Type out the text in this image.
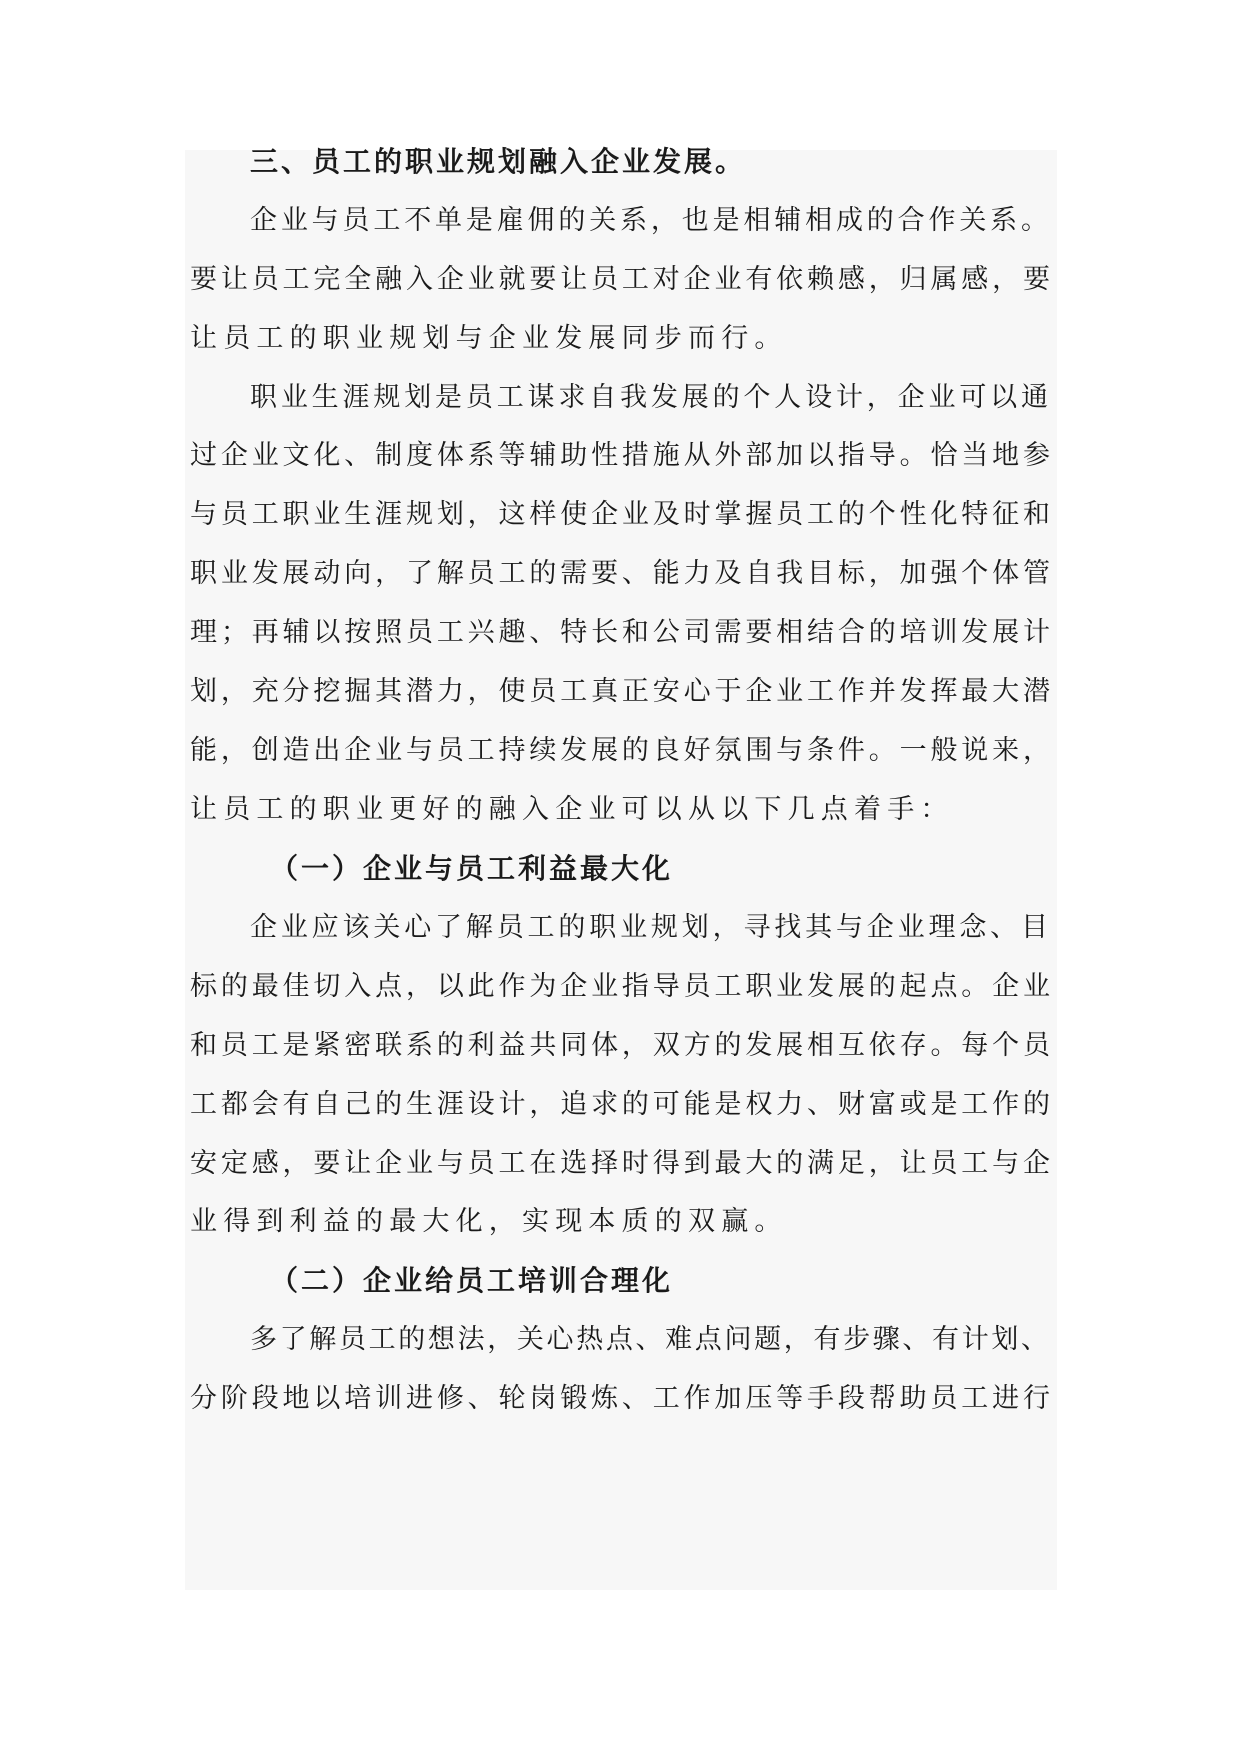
三、员工的职业规划融入企业发展。
企业与员工不单是雇佣的关系，也是相辅相成的合作关系。
要让员工完全融入企业就要让员工对企业有依赖感，归属感，要
让员工的职业规划与企业发展同步而行。
职业生涯规划是员工谋求自我发展的个人设计，企业可以通
过企业文化、制度体系等辅助性措施从外部加以指导。恰当地参
与员工职业生涯规划，这样使企业及时掌握员工的个性化特征和
职业发展动向，了解员工的需要、能力及自我目标，加强个体管
理；再辅以按照员工兴趣、特长和公司需要相结合的培训发展计
划，充分挖掘其潜力，使员工真正安心于企业工作并发挥最大潜
能，创造出企业与员工持续发展的良好氛围与条件。一般说来，
让员工的职业更好的融入企业可以从以下几点着手：
（一）企业与员工利益最大化
企业应该关心了解员工的职业规划，寻找其与企业理念、目
标的最佳切入点，以此作为企业指导员工职业发展的起点。企业
和员工是紧密联系的利益共同体，双方的发展相互依存。每个员
工都会有自己的生涯设计，追求的可能是权力、财富或是工作的
安定感，要让企业与员工在选择时得到最大的满足，让员工与企
业得到利益的最大化，实现本质的双赢。
（二）企业给员工培训合理化
多了解员工的想法，关心热点、难点问题，有步骤、有计划、
分阶段地以培训进修、轮岗锻炼、工作加压等手段帮助员工进行
